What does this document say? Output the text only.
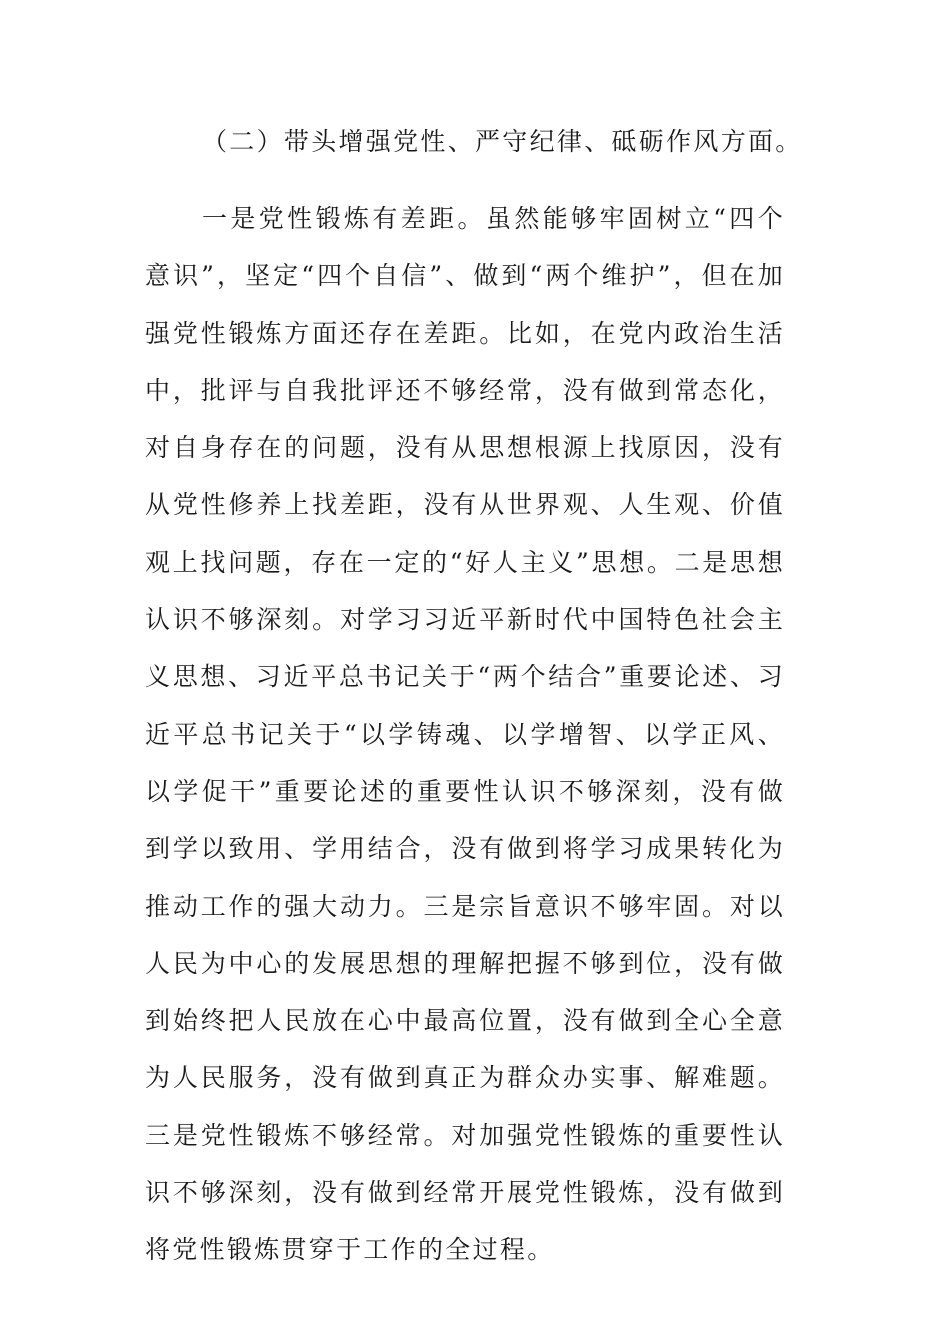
（二）带头增强党性、严守纪律、砥砺作风方面。

一是党性锻炼有差距。虽然能够牢固树立“四个意识”，坚定“四个自信”、做到“两个维护”，但在加强党性锻炼方面还存在差距。比如，在党内政治生活中，批评与自我批评还不够经常，没有做到常态化，对自身存在的问题，没有从思想根源上找原因，没有从党性修养上找差距，没有从世界观、人生观、价值观上找问题，存在一定的“好人主义”思想。二是思想认识不够深刻。对学习习近平新时代中国特色社会主义思想、习近平总书记关于“两个结合”重要论述、习近平总书记关于“以学铸魂、以学增智、以学正风、以学促干”重要论述的重要性认识不够深刻，没有做到学以致用、学用结合，没有做到将学习成果转化为推动工作的强大动力。三是宗旨意识不够牢固。对以人民为中心的发展思想的理解把握不够到位，没有做到始终把人民放在心中最高位置，没有做到全心全意为人民服务，没有做到真正为群众办实事、解难题。三是党性锻炼不够经常。对加强党性锻炼的重要性认识不够深刻，没有做到经常开展党性锻炼，没有做到将党性锻炼贯穿于工作的全过程。
